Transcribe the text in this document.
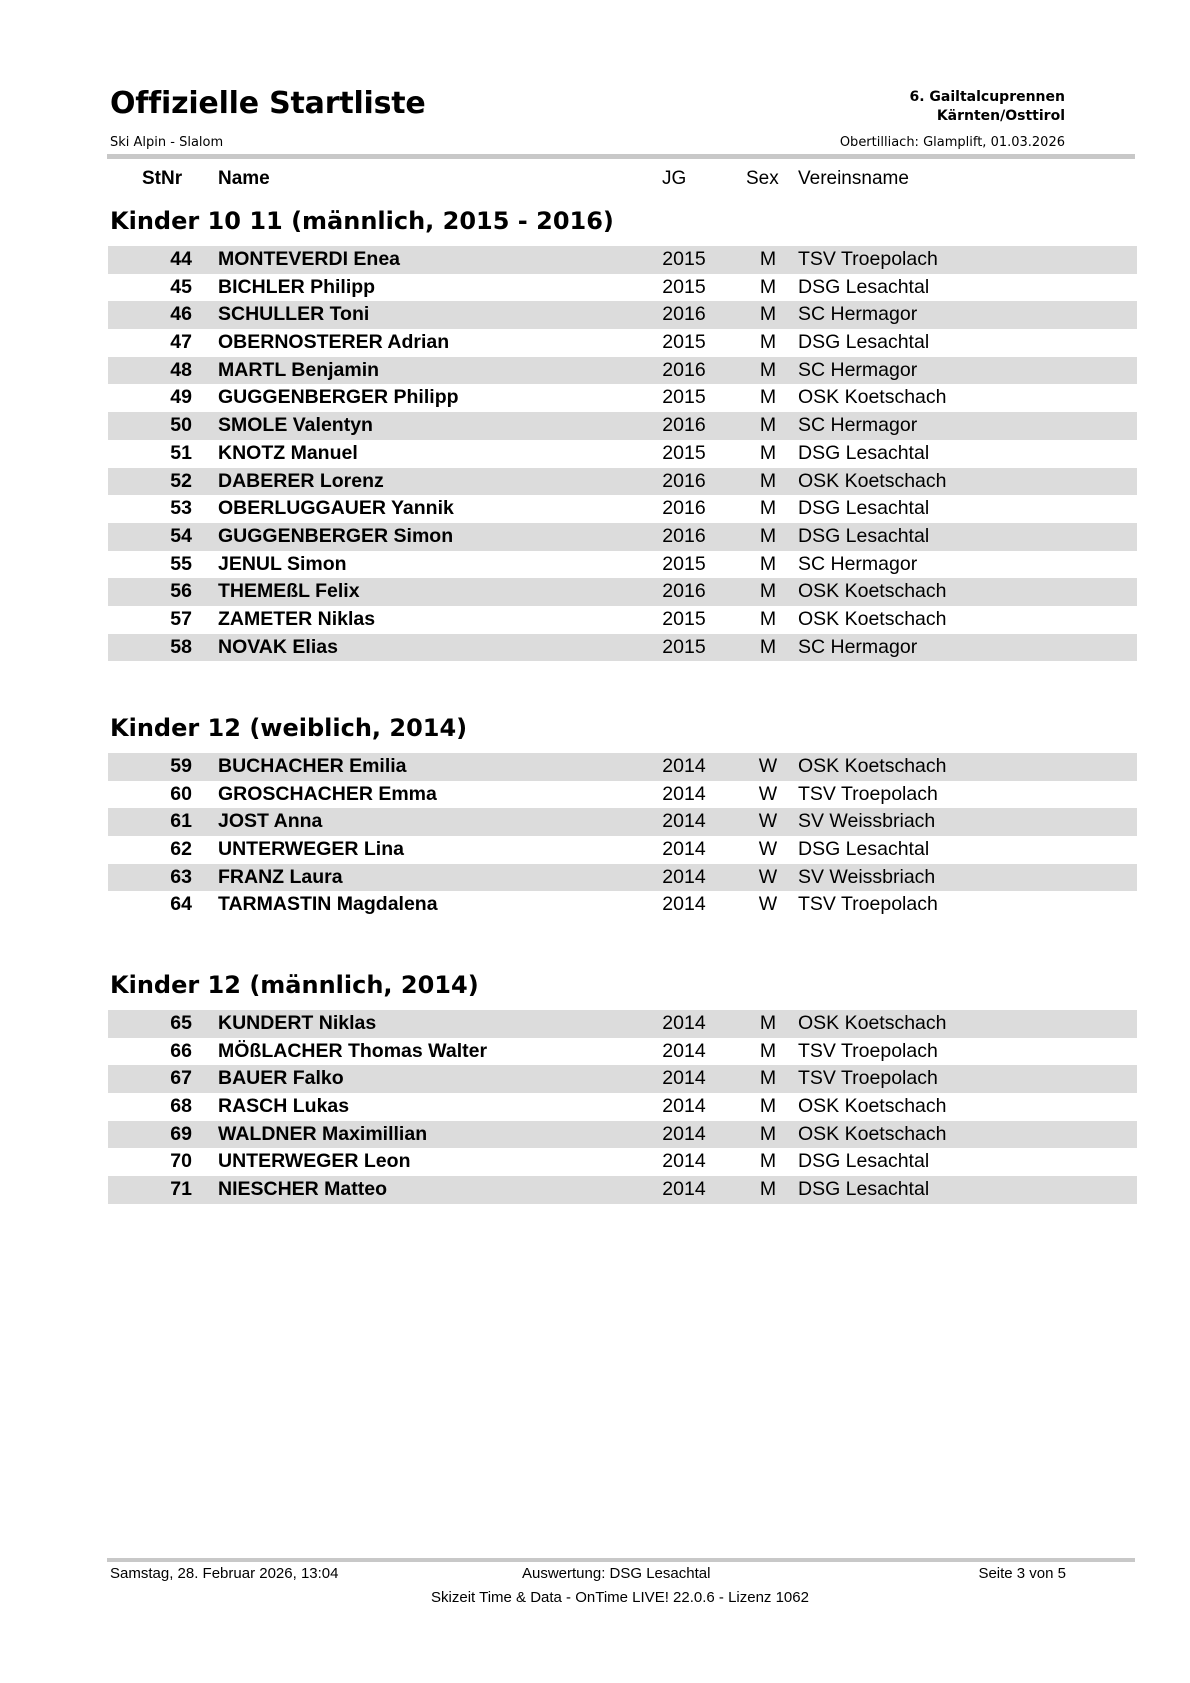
Offizielle Startliste	6. Gailtalcuprennen
Kärnten/Osttirol
Ski Alpin - Slalom	Obertilliach: Glamplift, 01.03.2026
StNr Name	JG	Sex Vereinsname
Kinder 10 11 (männlich, 2015 - 2016)
44 MONTEVERDI Enea	2015	M	TSV Troepolach
45 BICHLER Philipp	2015	M	DSG Lesachtal
46 SCHULLER Toni	2016	M	SC Hermagor
47 OBERNOSTERER Adrian	2015	M	DSG Lesachtal
48 MARTL Benjamin	2016	M	SC Hermagor
49 GUGGENBERGER Philipp	2015	M	OSK Koetschach
50 SMOLE Valentyn	2016	M	SC Hermagor
51 KNOTZ Manuel	2015	M	DSG Lesachtal
52 DABERER Lorenz	2016	M	OSK Koetschach
53 OBERLUGGAUER Yannik	2016	M	DSG Lesachtal
54 GUGGENBERGER Simon	2016	M	DSG Lesachtal
55 JENUL Simon	2015	M	SC Hermagor
56 THEMEßL Felix	2016	M	OSK Koetschach
57 ZAMETER Niklas	2015	M	OSK Koetschach
58 NOVAK Elias	2015	M	SC Hermagor
Kinder 12 (weiblich, 2014)
59 BUCHACHER Emilia	2014	W	OSK Koetschach
60 GROSCHACHER Emma	2014	W	TSV Troepolach
61 JOST Anna	2014	W	SV Weissbriach
62 UNTERWEGER Lina	2014	W	DSG Lesachtal
63 FRANZ Laura	2014	W	SV Weissbriach
64 TARMASTIN Magdalena	2014	W	TSV Troepolach
Kinder 12 (männlich, 2014)
65 KUNDERT Niklas	2014	M	OSK Koetschach
66 MÖßLACHER Thomas Walter	2014	M	TSV Troepolach
67 BAUER Falko	2014	M	TSV Troepolach
68 RASCH Lukas	2014	M	OSK Koetschach
69 WALDNER Maximillian	2014	M	OSK Koetschach
70 UNTERWEGER Leon	2014	M	DSG Lesachtal
71 NIESCHER Matteo	2014	M	DSG Lesachtal
Samstag, 28. Februar 2026, 13:04	Auswertung: DSG Lesachtal	Seite 3 von 5
Skizeit Time & Data - OnTime LIVE! 22.0.6 - Lizenz 1062
